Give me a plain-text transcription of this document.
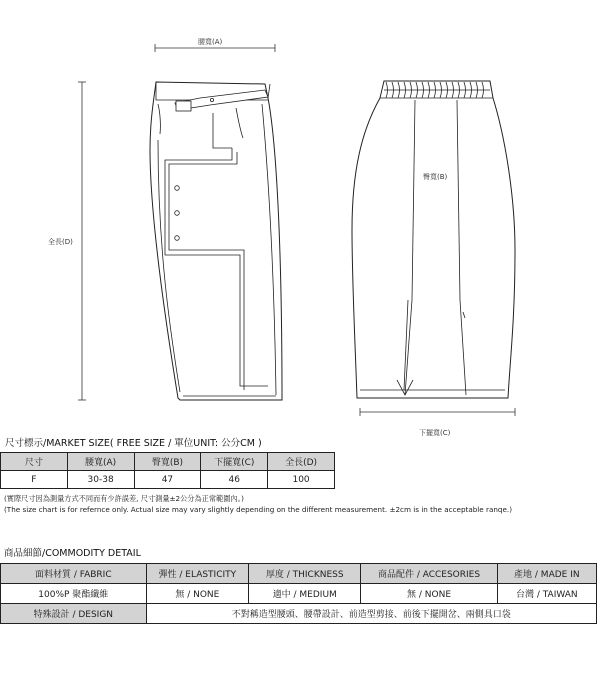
腰寬(A)
臀寬(B)
全長(D)
下擺寬(C)
尺寸標示/MARKET SIZE( FREE SIZE / 單位UNIT: 公分CM )
尺寸	腰寬(A)	臀寬(B)	下擺寬(C)	全長(D)
F	30-38	47	46	100
(實際尺寸因為測量方式不同而有少許誤差, 尺寸測量±2公分為正常範圍內。)
(The size chart is for refernce only. Actual size may vary slightly depending on the different measurement. ±2cm is in the acceptable ranqe.)
商品細節/COMMODITY DETAIL
面料材質 / FABRIC	彈性 / ELASTICITY	厚度 / THICKNESS	商品配件 / ACCESORIES	產地 / MADE IN
100%P 聚酯纖維	無 / NONE	適中 / MEDIUM	無 / NONE	台灣 / TAIWAN
特殊設計 / DESIGN	不對稱造型腰頭、腰帶設計、前造型剪接、前後下擺開岔、兩側具口袋			
